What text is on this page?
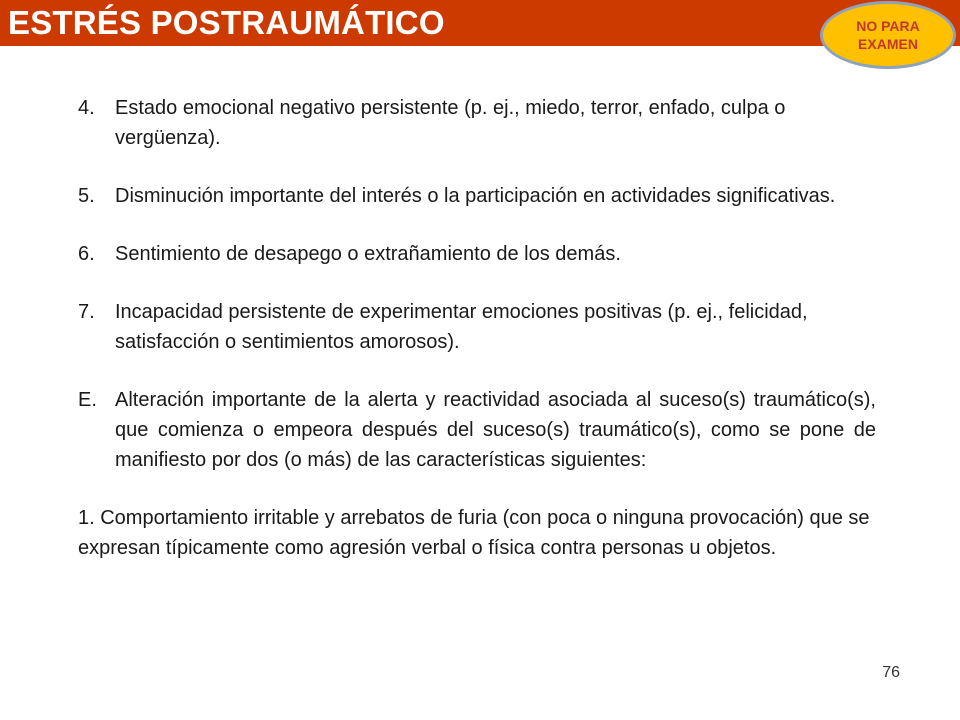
ESTRÉS POSTRAUMÁTICO	NO PARA
EXAMEN
4.	Estado emocional negativo persistente (p. ej., miedo, terror, enfado, culpa o vergüenza).
5.	Disminución importante del interés o la participación en actividades significativas.
6.	Sentimiento de desapego o extrañamiento de los demás.
7.	Incapacidad persistente de experimentar emociones positivas (p. ej., felicidad, satisfacción o sentimientos amorosos).
E. Alteración importante de la alerta y reactividad asociada al suceso(s) traumático(s), que comienza o empeora después del suceso(s) traumático(s), como se pone de manifiesto por dos (o más) de las características siguientes:
1. Comportamiento irritable y arrebatos de furia (con poca o ninguna provocación) que se expresan típicamente como agresión verbal o física contra personas u objetos.
76
